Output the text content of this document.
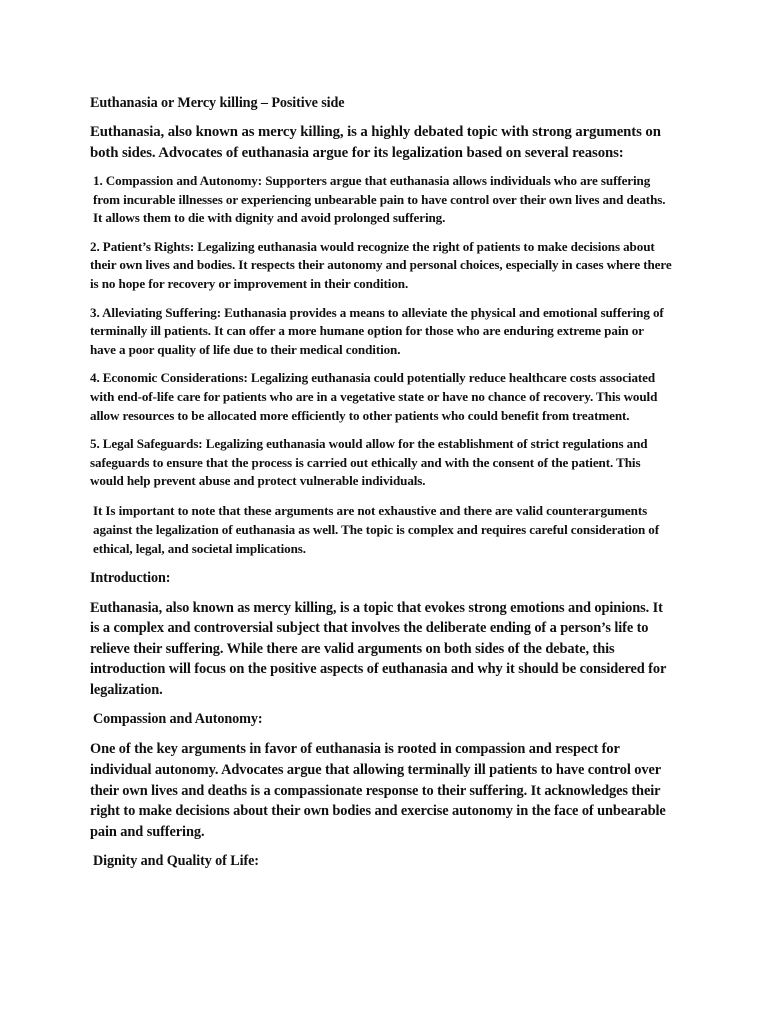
Euthanasia or Mercy killing – Positive side

Euthanasia, also known as mercy killing, is a highly debated topic with strong arguments on both sides. Advocates of euthanasia argue for its legalization based on several reasons:

1. Compassion and Autonomy: Supporters argue that euthanasia allows individuals who are suffering from incurable illnesses or experiencing unbearable pain to have control over their own lives and deaths. It allows them to die with dignity and avoid prolonged suffering.

2. Patient’s Rights: Legalizing euthanasia would recognize the right of patients to make decisions about their own lives and bodies. It respects their autonomy and personal choices, especially in cases where there is no hope for recovery or improvement in their condition.

3. Alleviating Suffering: Euthanasia provides a means to alleviate the physical and emotional suffering of terminally ill patients. It can offer a more humane option for those who are enduring extreme pain or have a poor quality of life due to their medical condition.

4. Economic Considerations: Legalizing euthanasia could potentially reduce healthcare costs associated with end-of-life care for patients who are in a vegetative state or have no chance of recovery. This would allow resources to be allocated more efficiently to other patients who could benefit from treatment.

5. Legal Safeguards: Legalizing euthanasia would allow for the establishment of strict regulations and safeguards to ensure that the process is carried out ethically and with the consent of the patient. This would help prevent abuse and protect vulnerable individuals.

It Is important to note that these arguments are not exhaustive and there are valid counterarguments against the legalization of euthanasia as well. The topic is complex and requires careful consideration of ethical, legal, and societal implications.

Introduction:

Euthanasia, also known as mercy killing, is a topic that evokes strong emotions and opinions. It is a complex and controversial subject that involves the deliberate ending of a person’s life to relieve their suffering. While there are valid arguments on both sides of the debate, this introduction will focus on the positive aspects of euthanasia and why it should be considered for legalization.

Compassion and Autonomy:

One of the key arguments in favor of euthanasia is rooted in compassion and respect for individual autonomy. Advocates argue that allowing terminally ill patients to have control over their own lives and deaths is a compassionate response to their suffering. It acknowledges their right to make decisions about their own bodies and exercise autonomy in the face of unbearable pain and suffering.

Dignity and Quality of Life:
